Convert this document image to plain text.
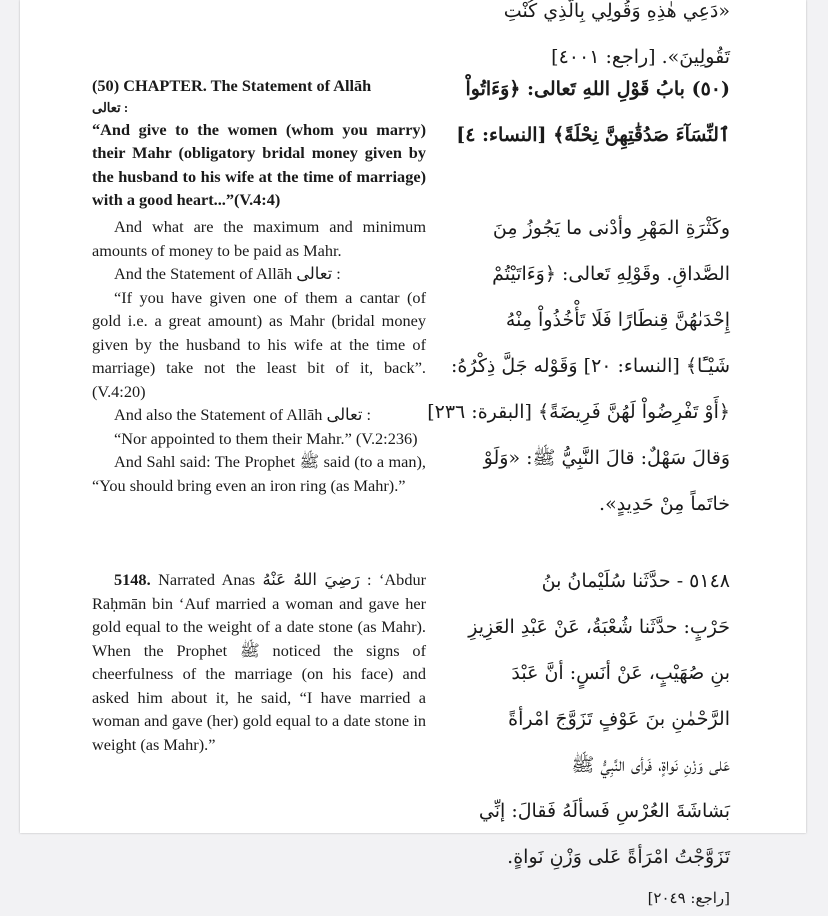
«دَعِي هٰذِهِ وَقُولِي بِالَّذِي كُنْتِ

تَقُولِينَ». [راجع: ٤٠٠١]

(50) CHAPTER. The Statement of Allāh

تعالى :

“And give to the women (whom you marry) their Mahr (obligatory bridal money given by the husband to his wife at the time of marriage) with a good heart...”(V.4:4)

(٥٠) بابُ قَوْلِ اللهِ تَعالى: ﴿وَءَاتُواْ

ٱلنِّسَآءَ صَدُقَٰتِهِنَّ نِحْلَةً﴾ [النساء: ٤]

And what are the maximum and minimum amounts of money to be paid as Mahr.

And the Statement of Allāh تعالى :

“If you have given one of them a cantar (of gold i.e. a great amount) as Mahr (bridal money given by the husband to his wife at the time of marriage) take not the least bit of it, back”. (V.4:20)

And also the Statement of Allāh تعالى :

“Nor appointed to them their Mahr.” (V.2:236)

And Sahl said: The Prophet ﷺ said (to a man), “You should bring even an iron ring (as Mahr).”

وكَثْرَةِ المَهْرِ وأدْنى ما يَجُوزُ مِنَ

الصَّداقِ. وقَوْلِهِ تَعالى: ﴿وَءَاتَيْتُمْ

إِحْدَىٰهُنَّ قِنطَارًا فَلَا تَأْخُذُواْ مِنْهُ

شَيْـًٔا﴾ [النساء: ٢٠] وَقَوْله جَلَّ ذِكْرُهُ:

﴿أَوْ تَفْرِضُواْ لَهُنَّ فَرِيضَةً﴾ [البقرة: ٢٣٦]

وَقالَ سَهْلٌ: قالَ النَّبِيُّ ﷺ: «وَلَوْ

خاتَماً مِنْ حَدِيدٍ».

5148. Narrated Anas رَضِيَ اللهُ عَنْهُ : ‘Abdur Raḥmān bin ‘Auf married a woman and gave her gold equal to the weight of a date stone (as Mahr). When the Prophet ﷺ noticed the signs of cheerfulness of the marriage (on his face) and asked him about it, he said, “I have married a woman and gave (her) gold equal to a date stone in weight (as Mahr).”

٥١٤٨ - حدَّثَنا سُلَيْمانُ بنُ

حَرْبٍ: حدَّثَنا شُعْبَةُ، عَنْ عَبْدِ العَزِيزِ

بنِ صُهَيْبٍ، عَنْ أنَسٍ: أنَّ عَبْدَ

الرَّحْمٰنِ بنَ عَوْفٍ تَزَوَّجَ امْرأةً

عَلى وَزْنِ نَواةٍ، فَرأى النَّبِيُّ ﷺ

بَشاشَةَ العُرْسِ فَسألَهُ فَقالَ: إنِّي

تَزَوَّجْتُ امْرَأةً عَلى وَزْنِ نَواةٍ.

[راجع: ٢٠٤٩]
